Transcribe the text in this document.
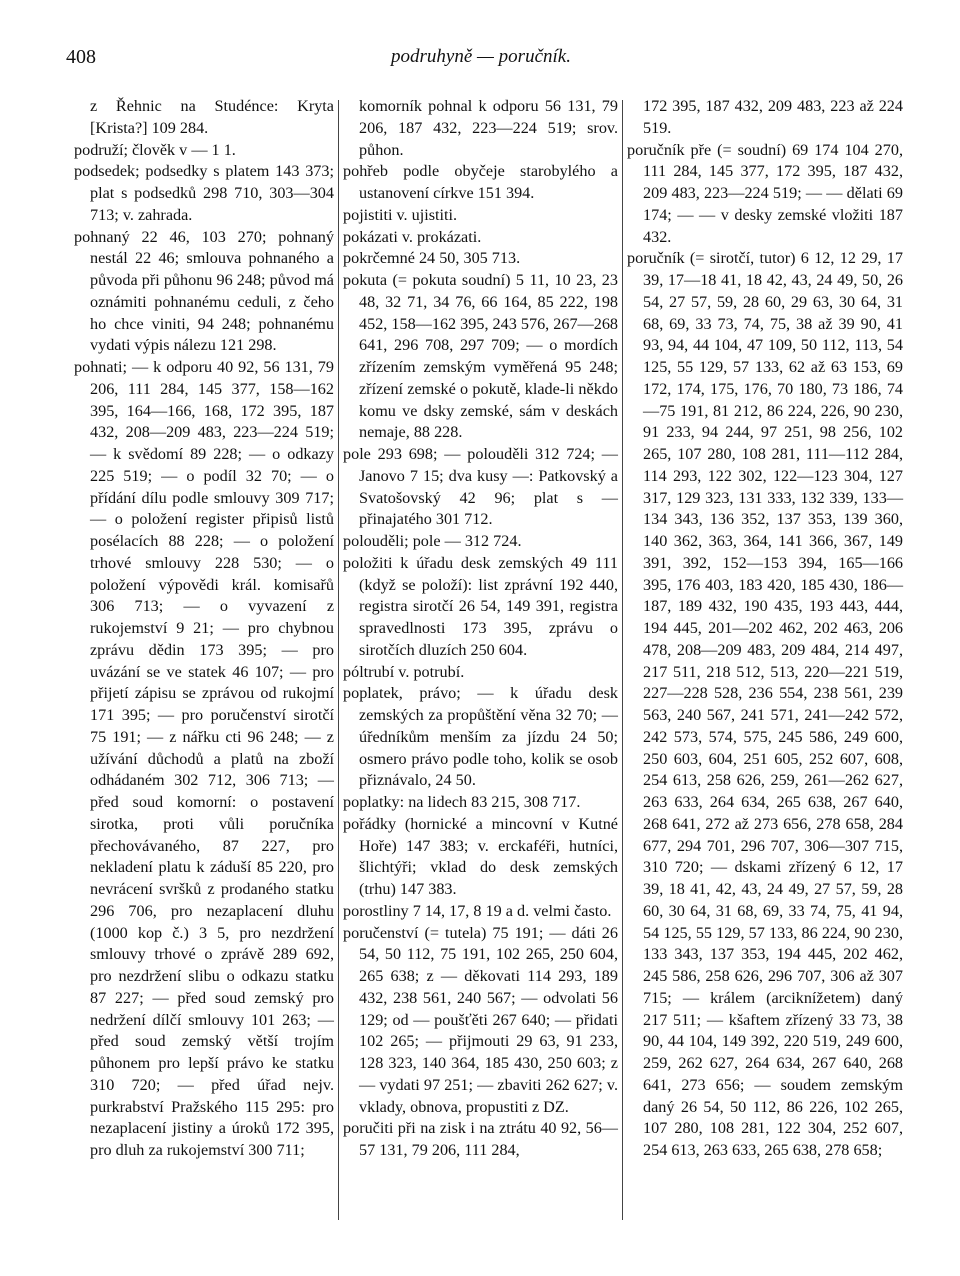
408	podruhyně — poručník.

z Řehnic na Studénce: Kryta [Krista?] 109 284.

podruží; člověk v — 1 1.

podsedek; podsedky s platem 143 373; plat s podsedků 298 710, 303—304 713; v. zahrada.

pohnaný 22 46, 103 270; pohnaný nestál 22 46; smlouva pohnaného a původa při půhonu 96 248; původ má oznámiti pohnanému ceduli, z čeho ho chce viniti, 94 248; pohnanému vydati výpis nálezu 121 298.

pohnati; — k odporu 40 92, 56 131, 79 206, 111 284, 145 377, 158—162 395, 164—166, 168, 172 395, 187 432, 208—209 483, 223—224 519; — k svědomí 89 228; — o odkazy 225 519; — o podíl 32 70; — o přídání dílu podle smlouvy 309 717; — o položení register připisů listů posélacích 88 228; — o položení trhové smlouvy 228 530; — o položení výpovědi král. komisařů 306 713; — o vyvazení z rukojemství 9 21; — pro chybnou zprávu dědin 173 395; — pro uvázání se ve statek 46 107; — pro přijetí zápisu se zprávou od rukojmí 171 395; — pro poručenství sirotčí 75 191; — z nářku cti 96 248; — z užívání důchodů a platů na zboží odhádaném 302 712, 306 713; — před soud komorní: o postavení sirotka, proti vůli poručníka přechovávaného, 87 227, pro nekladení platu k záduší 85 220, pro nevrácení svršků z prodaného statku 296 706, pro nezaplacení dluhu (1000 kop č.) 3 5, pro nezdržení smlouvy trhové o zprávě 289 692, pro nezdržení slibu o odkazu statku 87 227; — před soud zemský pro nedržení dílčí smlouvy 101 263; — před soud zemský větší trojím půhonem pro lepší právo ke statku 310 720; — před úřad nejv. purkrabství Pražského 115 295: pro nezaplacení jistiny a úroků 172 395, pro dluh za rukojemství 300 711;

komorník pohnal k odporu 56 131, 79 206, 187 432, 223—224 519; srov. půhon.

pohřeb podle obyčeje starobylého a ustanovení církve 151 394.

pojistiti v. ujistiti.

pokázati v. prokázati.

pokrčemné 24 50, 305 713.

pokuta (= pokuta soudní) 5 11, 10 23, 23 48, 32 71, 34 76, 66 164, 85 222, 198 452, 158—162 395, 243 576, 267—268 641, 296 708, 297 709; — o mordích zřízením zemským vyměřená 95 248; zřízení zemské o pokutě, klade-li někdo komu ve dsky zemské, sám v deskách nemaje, 88 228.

pole 293 698; — polouděli 312 724; — Janovo 7 15; dva kusy —: Patkovský a Svatošovský 42 96; plat s — přinajatého 301 712.

polouděli; pole — 312 724.

položiti k úřadu desk zemských 49 111 (když se položí): list zprávní 192 440, registra sirotčí 26 54, 149 391, registra spravedlnosti 173 395, zprávu o sirotčích dluzích 250 604.

póltrubí v. potrubí.

poplatek, právo; — k úřadu desk zemských za propůštění věna 32 70; — úředníkům menším za jízdu 24 50; osmero právo podle toho, kolik se osob přiznávalo, 24 50.

poplatky: na lidech 83 215, 308 717.

pořádky (hornické a mincovní v Kutné Hoře) 147 383; v. erckaféři, hutníci, šlichtýři; vklad do desk zemských (trhu) 147 383.

porostliny 7 14, 17, 8 19 a d. velmi často.

poručenství (= tutela) 75 191; — dáti 26 54, 50 112, 75 191, 102 265, 250 604, 265 638; z — děkovati 114 293, 189 432, 238 561, 240 567; — odvolati 56 129; od — poušťěti 267 640; — přidati 102 265; — přijmouti 29 63, 91 233, 128 323, 140 364, 185 430, 250 603; z — vydati 97 251; — zbaviti 262 627; v. vklady, obnova, propustiti z DZ.

poručiti při na zisk i na ztrátu 40 92, 56—57 131, 79 206, 111 284,

172 395, 187 432, 209 483, 223 až 224 519.

poručník pře (= soudní) 69 174 104 270, 111 284, 145 377, 172 395, 187 432, 209 483, 223—224 519; — — dělati 69 174; — — v desky zemské vložiti 187 432.

poručník (= sirotčí, tutor) 6 12, 12 29, 17 39, 17—18 41, 18 42, 43, 24 49, 50, 26 54, 27 57, 59, 28 60, 29 63, 30 64, 31 68, 69, 33 73, 74, 75, 38 až 39 90, 41 93, 94, 44 104, 47 109, 50 112, 113, 54 125, 55 129, 57 133, 62 až 63 153, 69 172, 174, 175, 176, 70 180, 73 186, 74—75 191, 81 212, 86 224, 226, 90 230, 91 233, 94 244, 97 251, 98 256, 102 265, 107 280, 108 281, 111—112 284, 114 293, 122 302, 122—123 304, 127 317, 129 323, 131 333, 132 339, 133—134 343, 136 352, 137 353, 139 360, 140 362, 363, 364, 141 366, 367, 149 391, 392, 152—153 394, 165—166 395, 176 403, 183 420, 185 430, 186—187, 189 432, 190 435, 193 443, 444, 194 445, 201—202 462, 202 463, 206 478, 208—209 483, 209 484, 214 497, 217 511, 218 512, 513, 220—221 519, 227—228 528, 236 554, 238 561, 239 563, 240 567, 241 571, 241—242 572, 242 573, 574, 575, 245 586, 249 600, 250 603, 604, 251 605, 252 607, 608, 254 613, 258 626, 259, 261—262 627, 263 633, 264 634, 265 638, 267 640, 268 641, 272 až 273 656, 278 658, 284 677, 294 701, 296 707, 306—307 715, 310 720; — dskami zřízený 6 12, 17 39, 18 41, 42, 43, 24 49, 27 57, 59, 28 60, 30 64, 31 68, 69, 33 74, 75, 41 94, 54 125, 55 129, 57 133, 86 224, 90 230, 133 343, 137 353, 194 445, 202 462, 245 586, 258 626, 296 707, 306 až 307 715; — králem (arciknížetem) daný 217 511; — kšaftem zřízený 33 73, 38 90, 44 104, 149 392, 220 519, 249 600, 259, 262 627, 264 634, 267 640, 268 641, 273 656; — soudem zemským daný 26 54, 50 112, 86 226, 102 265, 107 280, 108 281, 122 304, 252 607, 254 613, 263 633, 265 638, 278 658;
